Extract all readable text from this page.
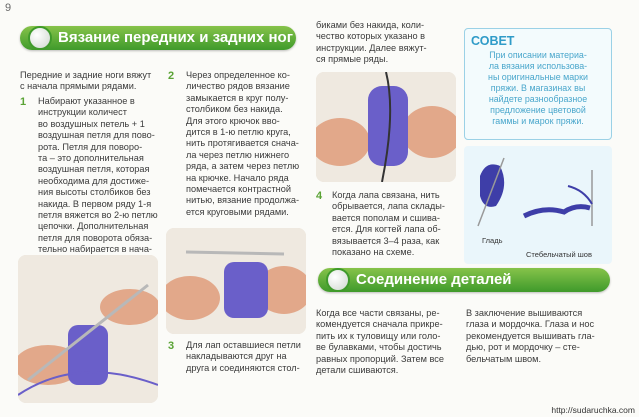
9
Вязание передних и задних ног
Передние и задние ноги вяжут
с начала прямыми рядами.
1 Набирают указанное в
инструкции количест
во воздушных петель + 1
воздушная петля для пово-
рота. Петля для поворо-
та – это дополнительная
воздушная петля, которая
необходима для достиже-
ния высоты столбиков без
накида. В первом ряду 1-я
петля вяжется во 2-ю петлю
цепочки. Дополнительная
петля для поворота обяза-
тельно набирается в нача-

2 Через определенное ко-
личество рядов вязание
замыкается в круг полу-
столбиком без накида.
Для этого крючок вво-
дится в 1-ю петлю круга,
нить протягивается снача-
ла через петлю нижнего
ряда, а затем через петлю
на крючке. Начало ряда
помечается контрастной
нитью, вязание продолжа-
ется круговыми рядами.
3 Для лап оставшиеся петли
накладываются друг на
друга и соединяются стол-
биками без накида, коли-
чество которых указано в
инструкции. Далее вяжут-
ся прямые ряды.
4 Когда лапа связана, нить
обрывается, лапа склады-
вается пополам и сшива-
ется. Для когтей лапа об-
вязывается 3–4 раза, как
показано на схеме.
СОВЕТ

При описании материа-
ла вязания использова-
ны оригинальные марки
пряжи. В магазинах вы
найдете разнообразное
предложение цветовой
гаммы и марок пряжи.

Гладь
Стебельчатый шов
Соединение деталей
Когда все части связаны, ре-
комендуется сначала прикре-
пить их к туловищу или голо-
ве булавками, чтобы достичь
равных пропорций. Затем все
детали сшиваются.
В заключение вышиваются
глаза и мордочка. Глаза и нос
рекомендуется вышивать гла-
дью, рот и мордочку – сте-
бельчатым швом.
http://sudaruchka.com
